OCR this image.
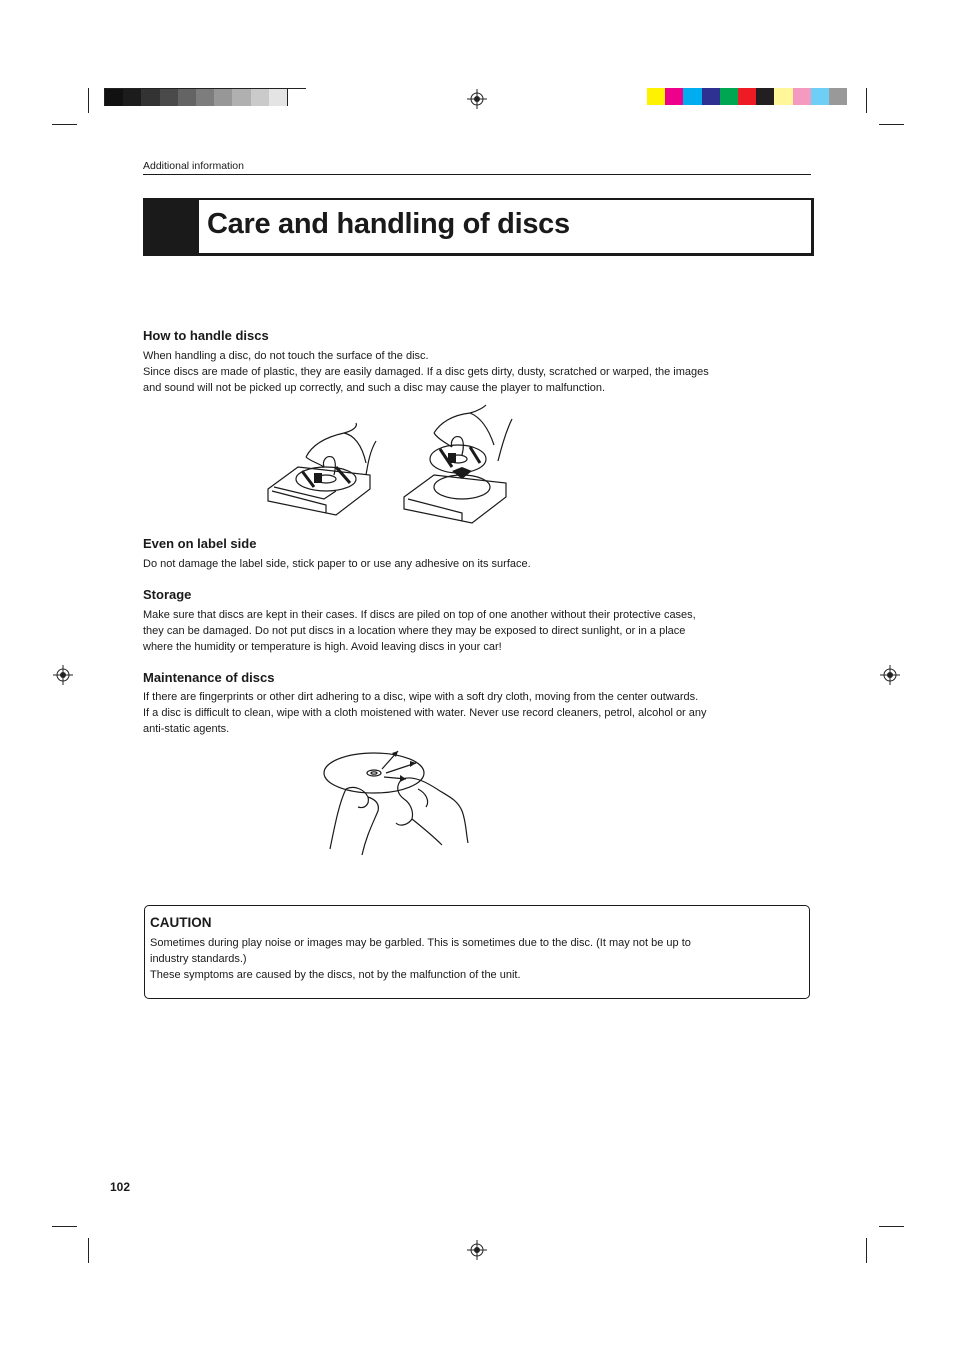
Additional information
Care and handling of discs
How to handle discs

When handling a disc, do not touch the surface of the disc.
Since discs are made of plastic, they are easily damaged. If a disc gets dirty, dusty, scratched or warped, the images
and sound will not be picked up correctly, and such a disc may cause the player to malfunction.

Even on label side

Do not damage the label side, stick paper to or use any adhesive on its surface.

Storage

Make sure that discs are kept in their cases. If discs are piled on top of one another without their protective cases,
they can be damaged. Do not put discs in a location where they may be exposed to direct sunlight, or in a place
where the humidity or temperature is high. Avoid leaving discs in your car!

Maintenance of discs

If there are fingerprints or other dirt adhering to a disc, wipe with a soft dry cloth, moving from the center outwards.
If a disc is difficult to clean, wipe with a cloth moistened with water. Never use record cleaners, petrol, alcohol or any
anti-static agents.

CAUTION

Sometimes during play noise or images may be garbled. This is sometimes due to the disc. (It may not be up to
industry standards.)
These symptoms are caused by the discs, not by the malfunction of the unit.

102
